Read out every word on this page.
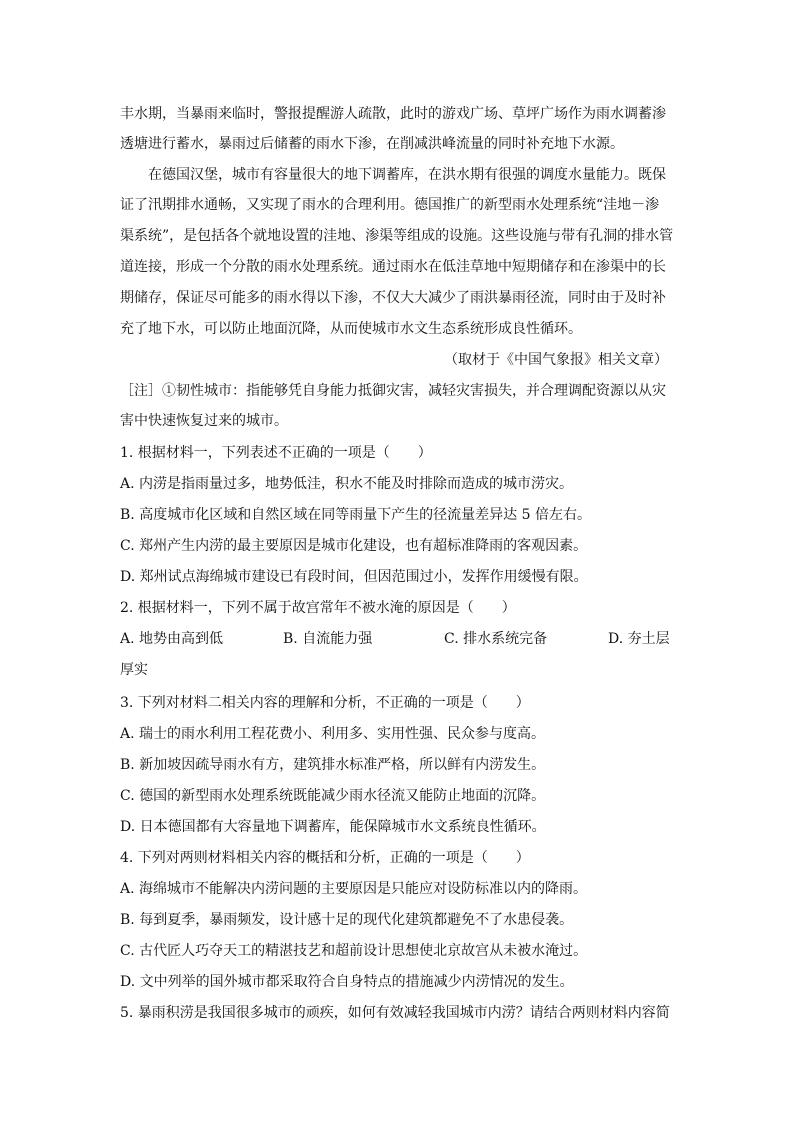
丰水期，当暴雨来临时，警报提醒游人疏散，此时的游戏广场、草坪广场作为雨水调蓄渗
透塘进行蓄水，暴雨过后储蓄的雨水下渗，在削减洪峰流量的同时补充地下水源。
在德国汉堡，城市有容量很大的地下调蓄库，在洪水期有很强的调度水量能力。既保
证了汛期排水通畅，又实现了雨水的合理利用。德国推广的新型雨水处理系统“洼地－渗
渠系统”，是包括各个就地设置的洼地、渗渠等组成的设施。这些设施与带有孔洞的排水管
道连接，形成一个分散的雨水处理系统。通过雨水在低洼草地中短期储存和在渗渠中的长
期储存，保证尽可能多的雨水得以下渗，不仅大大减少了雨洪暴雨径流，同时由于及时补
充了地下水，可以防止地面沉降，从而使城市水文生态系统形成良性循环。
（取材于《中国气象报》相关文章）
［注］①韧性城市：指能够凭自身能力抵御灾害，减轻灾害损失，并合理调配资源以从灾
害中快速恢复过来的城市。
1. 根据材料一，下列表述不正确的一项是（　　）
A. 内涝是指雨量过多，地势低洼，积水不能及时排除而造成的城市涝灾。
B. 高度城市化区域和自然区域在同等雨量下产生的径流量差异达 5 倍左右。
C. 郑州产生内涝的最主要原因是城市化建设，也有超标准降雨的客观因素。
D. 郑州试点海绵城市建设已有段时间，但因范围过小，发挥作用缓慢有限。
2. 根据材料一，下列不属于故宫常年不被水淹的原因是（　　）
A. 地势由高到低	B. 自流能力强	C. 排水系统完备	D. 夯土层
厚实
3. 下列对材料二相关内容的理解和分析，不正确的一项是（　　）
A. 瑞士的雨水利用工程花费小、利用多、实用性强、民众参与度高。
B. 新加坡因疏导雨水有方，建筑排水标准严格，所以鲜有内涝发生。
C. 德国的新型雨水处理系统既能减少雨水径流又能防止地面的沉降。
D. 日本德国都有大容量地下调蓄库，能保障城市水文系统良性循环。
4. 下列对两则材料相关内容的概括和分析，正确的一项是（　　）
A. 海绵城市不能解决内涝问题的主要原因是只能应对设防标准以内的降雨。
B. 每到夏季，暴雨频发，设计感十足的现代化建筑都避免不了水患侵袭。
C. 古代匠人巧夺天工的精湛技艺和超前设计思想使北京故宫从未被水淹过。
D. 文中列举的国外城市都采取符合自身特点的措施减少内涝情况的发生。
5. 暴雨积涝是我国很多城市的顽疾，如何有效减轻我国城市内涝？请结合两则材料内容简
